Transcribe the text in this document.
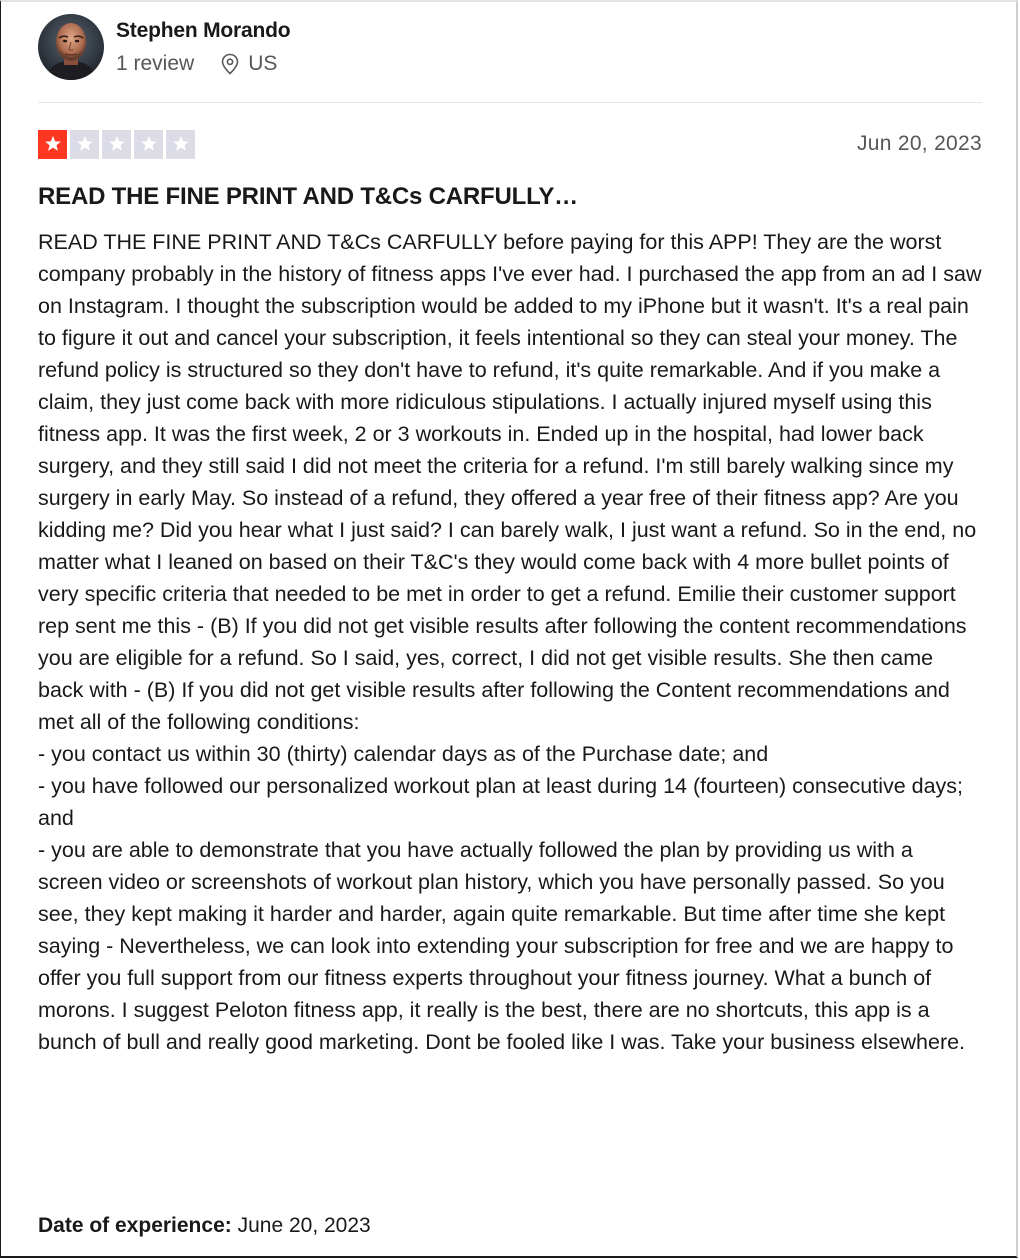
Stephen Morando
1 review	US
Jun 20, 2023
READ THE FINE PRINT AND T&Cs CARFULLY…

READ THE FINE PRINT AND T&Cs CARFULLY before paying for this APP! They are the worst company probably in the history of fitness apps I've ever had. I purchased the app from an ad I saw on Instagram. I thought the subscription would be added to my iPhone but it wasn't. It's a real pain to figure it out and cancel your subscription, it feels intentional so they can steal your money. The refund policy is structured so they don't have to refund, it's quite remarkable. And if you make a claim, they just come back with more ridiculous stipulations. I actually injured myself using this fitness app. It was the first week, 2 or 3 workouts in. Ended up in the hospital, had lower back surgery, and they still said I did not meet the criteria for a refund. I'm still barely walking since my surgery in early May. So instead of a refund, they offered a year free of their fitness app? Are you kidding me? Did you hear what I just said? I can barely walk, I just want a refund. So in the end, no matter what I leaned on based on their T&C's they would come back with 4 more bullet points of very specific criteria that needed to be met in order to get a refund. Emilie their customer support rep sent me this - (B) If you did not get visible results after following the content recommendations you are eligible for a refund. So I said, yes, correct, I did not get visible results. She then came back with - (B) If you did not get visible results after following the Content recommendations and met all of the following conditions:
- you contact us within 30 (thirty) calendar days as of the Purchase date; and
- you have followed our personalized workout plan at least during 14 (fourteen) consecutive days; and
- you are able to demonstrate that you have actually followed the plan by providing us with a screen video or screenshots of workout plan history, which you have personally passed. So you see, they kept making it harder and harder, again quite remarkable. But time after time she kept saying - Nevertheless, we can look into extending your subscription for free and we are happy to offer you full support from our fitness experts throughout your fitness journey. What a bunch of morons. I suggest Peloton fitness app, it really is the best, there are no shortcuts, this app is a bunch of bull and really good marketing. Dont be fooled like I was. Take your business elsewhere.

Date of experience: June 20, 2023
